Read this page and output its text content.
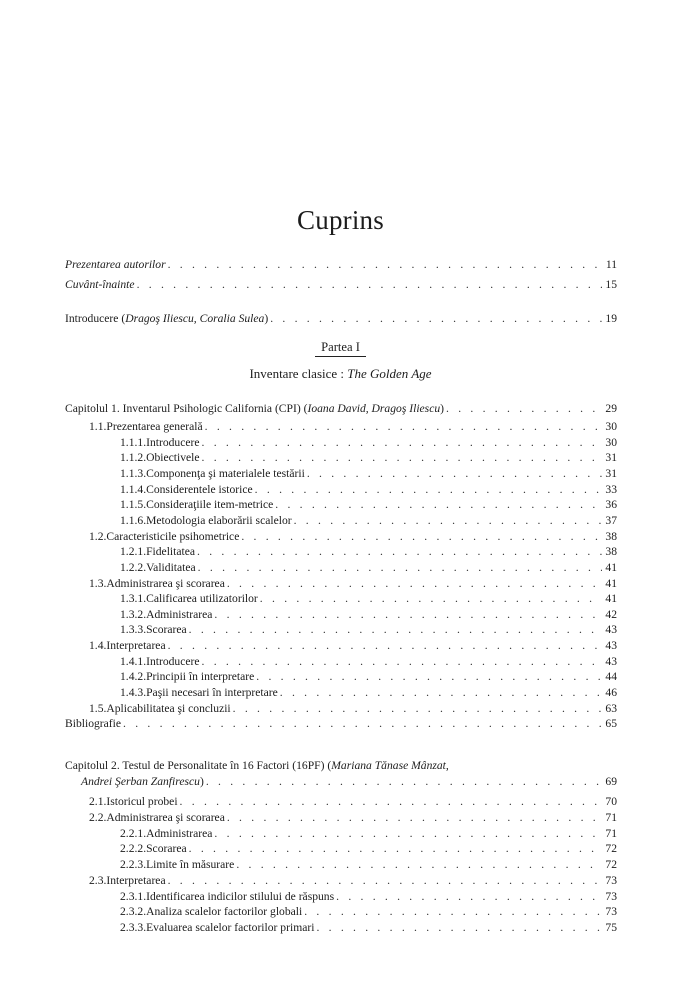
Cuprins
Prezentarea autorilor . . .	11
Cuvânt-înainte . . .	15
Introducere (Dragoş Iliescu, Coralia Sulea) . . .	19
Partea I
Inventare clasice : The Golden Age
Capitolul 1. Inventarul Psihologic California (CPI) (Ioana David, Dragoş Iliescu) . . .	29
1.1. Prezentarea generală . . .	30
1.1.1. Introducere . . .	30
1.1.2. Obiectivele . . .	31
1.1.3. Componenţa şi materialele testării . . .	31
1.1.4. Considerentele istorice . . .	33
1.1.5. Consideraţiile item-metrice . . .	36
1.1.6. Metodologia elaborării scalelor . . .	37
1.2. Caracteristicile psihometrice . . .	38
1.2.1. Fidelitatea . . .	38
1.2.2. Validitatea . . .	41
1.3. Administrarea şi scorarea . . .	41
1.3.1. Calificarea utilizatorilor . . .	41
1.3.2. Administrarea . . .	42
1.3.3. Scorarea . . .	43
1.4. Interpretarea . . .	43
1.4.1. Introducere . . .	43
1.4.2. Principii în interpretare . . .	44
1.4.3. Paşii necesari în interpretare . . .	46
1.5. Aplicabilitatea şi concluzii . . .	63
Bibliografie . . .	65
Capitolul 2. Testul de Personalitate în 16 Factori (16PF) (Mariana Tănase Mânzat,
Andrei Şerban Zanfirescu) . . .	69
2.1. Istoricul probei . . .	70
2.2. Administrarea şi scorarea . . .	71
2.2.1. Administrarea . . .	71
2.2.2. Scorarea . . .	72
2.2.3. Limite în măsurare . . .	72
2.3. Interpretarea . . .	73
2.3.1. Identificarea indicilor stilului de răspuns . . .	73
2.3.2. Analiza scalelor factorilor globali . . .	73
2.3.3. Evaluarea scalelor factorilor primari . . .	75
